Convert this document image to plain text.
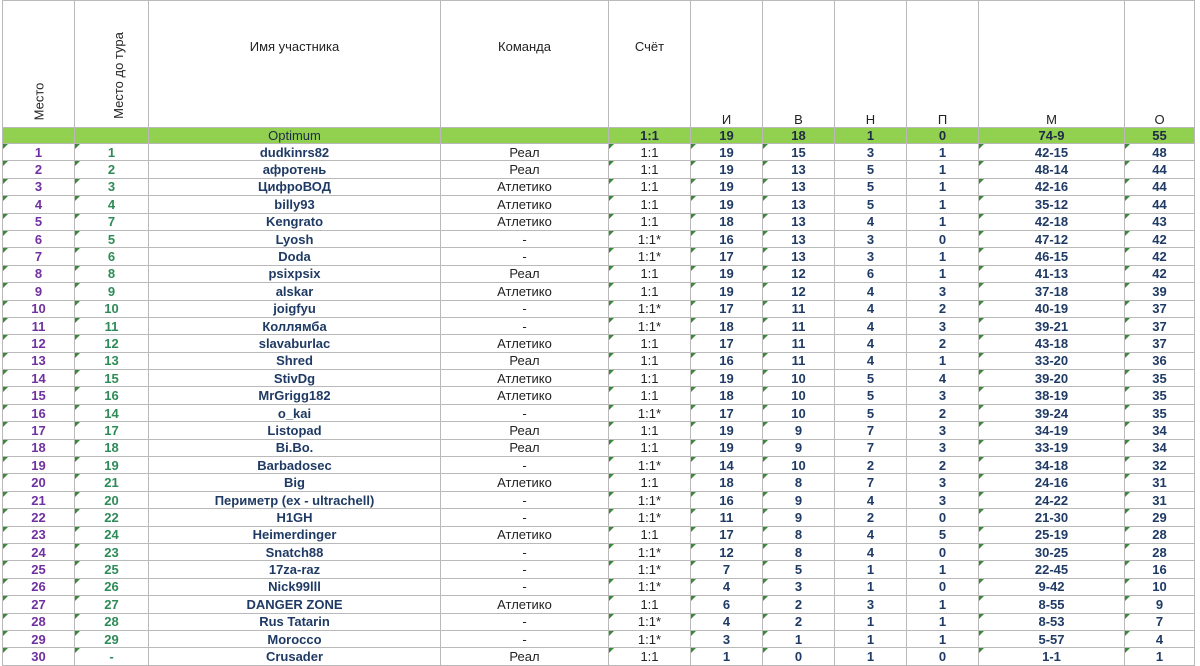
Место	Место до тура	Имя участника	Команда	Счёт	И	В	Н	П	М	О
		Optimum		1:1	19	18	1	0	74-9	55
1	1	dudkinrs82	Реал	1:1	19	15	3	1	42-15	48
2	2	афротень	Реал	1:1	19	13	5	1	48-14	44
3	3	ЦифроВОД	Атлетико	1:1	19	13	5	1	42-16	44
4	4	billy93	Атлетико	1:1	19	13	5	1	35-12	44
5	7	Kengrato	Атлетико	1:1	18	13	4	1	42-18	43
6	5	Lyosh	-	1:1*	16	13	3	0	47-12	42
7	6	Doda	-	1:1*	17	13	3	1	46-15	42
8	8	psixpsix	Реал	1:1	19	12	6	1	41-13	42
9	9	alskar	Атлетико	1:1	19	12	4	3	37-18	39
10	10	joigfyu	-	1:1*	17	11	4	2	40-19	37
11	11	Коллямба	-	1:1*	18	11	4	3	39-21	37
12	12	slavaburlac	Атлетико	1:1	17	11	4	2	43-18	37
13	13	Shred	Реал	1:1	16	11	4	1	33-20	36
14	15	StivDg	Атлетико	1:1	19	10	5	4	39-20	35
15	16	MrGrigg182	Атлетико	1:1	18	10	5	3	38-19	35
16	14	o_kai	-	1:1*	17	10	5	2	39-24	35
17	17	Listopad	Реал	1:1	19	9	7	3	34-19	34
18	18	Bi.Bo.	Реал	1:1	19	9	7	3	33-19	34
19	19	Barbadosec	-	1:1*	14	10	2	2	34-18	32
20	21	Big	Атлетико	1:1	18	8	7	3	24-16	31
21	20	Периметр (ex - ultrachell)	-	1:1*	16	9	4	3	24-22	31
22	22	H1GH	-	1:1*	11	9	2	0	21-30	29
23	24	Heimerdinger	Атлетико	1:1	17	8	4	5	25-19	28
24	23	Snatch88	-	1:1*	12	8	4	0	30-25	28
25	25	17za-raz	-	1:1*	7	5	1	1	22-45	16
26	26	Nick99lll	-	1:1*	4	3	1	0	9-42	10
27	27	DANGER ZONE	Атлетико	1:1	6	2	3	1	8-55	9
28	28	Rus Tatarin	-	1:1*	4	2	1	1	8-53	7
29	29	Morocco	-	1:1*	3	1	1	1	5-57	4
30	-	Crusader	Реал	1:1	1	0	1	0	1-1	1
